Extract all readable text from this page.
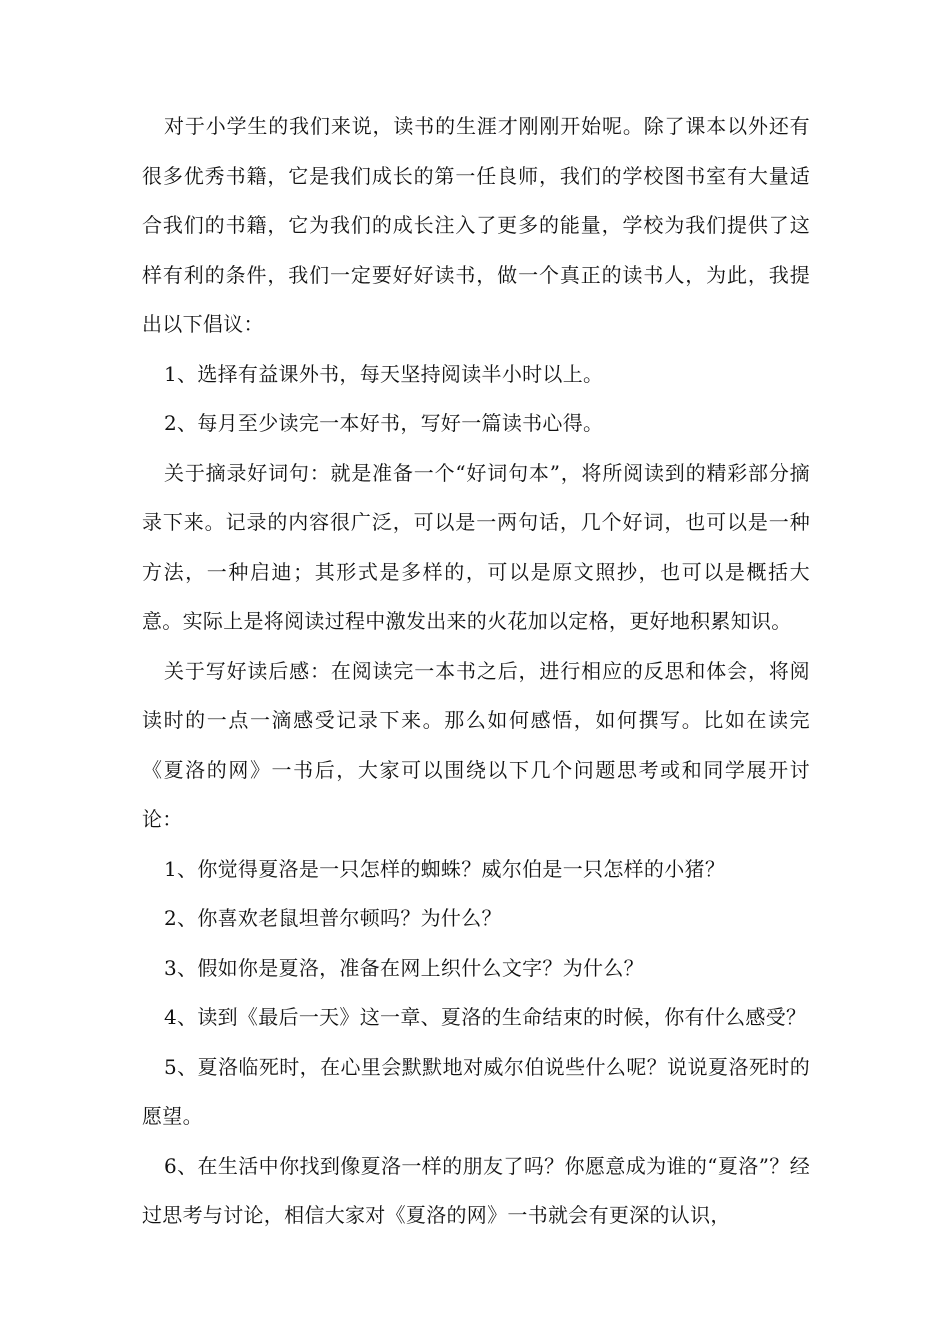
对于小学生的我们来说，读书的生涯才刚刚开始呢。除了课本以外还有很多优秀书籍，它是我们成长的第一任良师，我们的学校图书室有大量适合我们的书籍，它为我们的成长注入了更多的能量，学校为我们提供了这样有利的条件，我们一定要好好读书，做一个真正的读书人，为此，我提出以下倡议：

1、选择有益课外书，每天坚持阅读半小时以上。

2、每月至少读完一本好书，写好一篇读书心得。

关于摘录好词句：就是准备一个“好词句本”，将所阅读到的精彩部分摘录下来。记录的内容很广泛，可以是一两句话，几个好词，也可以是一种方法，一种启迪；其形式是多样的，可以是原文照抄，也可以是概括大意。实际上是将阅读过程中激发出来的火花加以定格，更好地积累知识。

关于写好读后感：在阅读完一本书之后，进行相应的反思和体会，将阅读时的一点一滴感受记录下来。那么如何感悟，如何撰写。比如在读完《夏洛的网》一书后，大家可以围绕以下几个问题思考或和同学展开讨论：

1、你觉得夏洛是一只怎样的蜘蛛？威尔伯是一只怎样的小猪？

2、你喜欢老鼠坦普尔顿吗？为什么？

3、假如你是夏洛，准备在网上织什么文字？为什么？

4、读到《最后一天》这一章、夏洛的生命结束的时候，你有什么感受？

5、夏洛临死时，在心里会默默地对威尔伯说些什么呢？说说夏洛死时的愿望。

6、在生活中你找到像夏洛一样的朋友了吗？你愿意成为谁的“夏洛”？经过思考与讨论，相信大家对《夏洛的网》一书就会有更深的认识，
